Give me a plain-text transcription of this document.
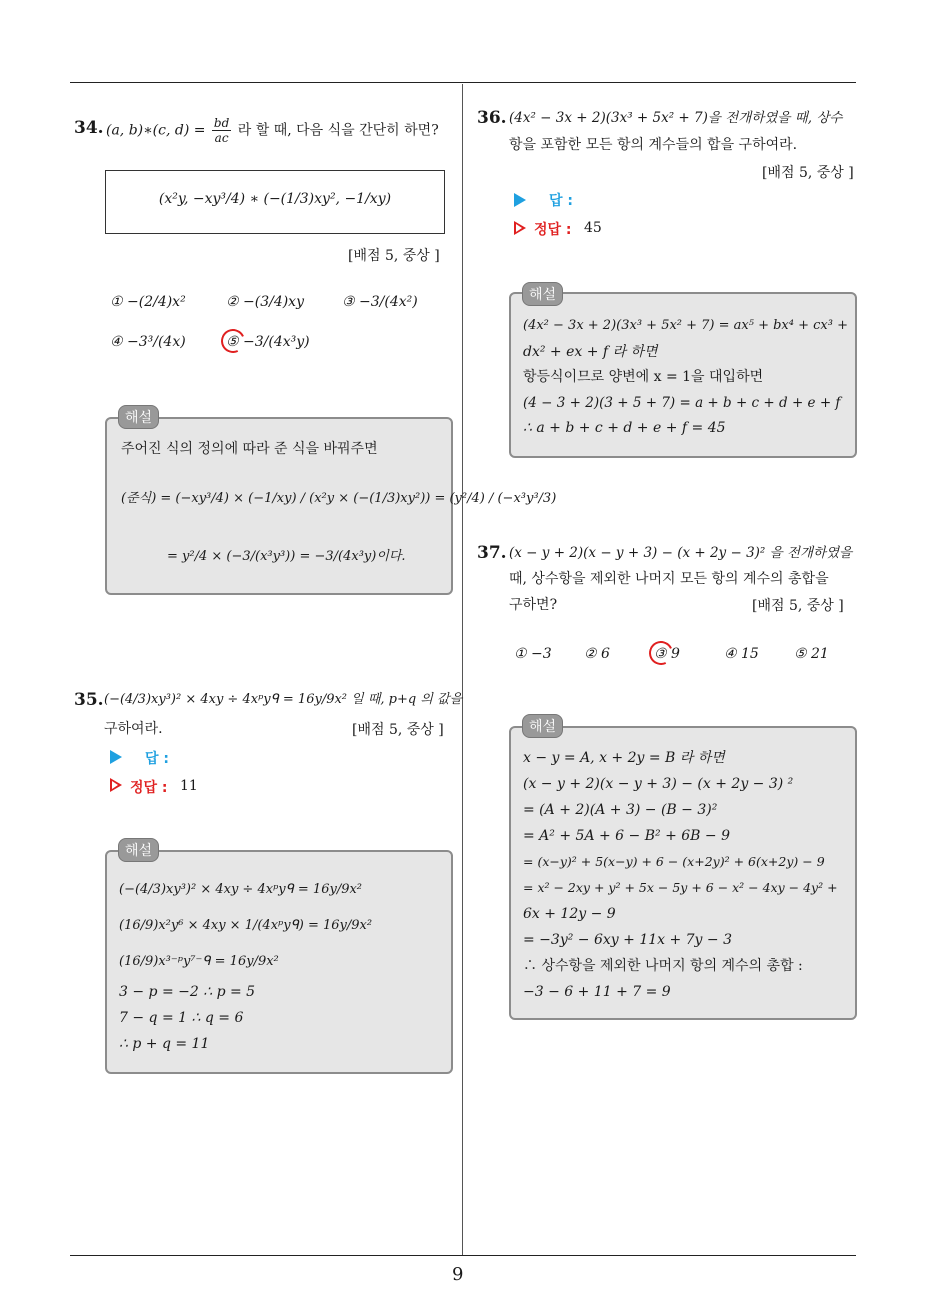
9
34. (a, b)∗(c, $d) = \frac{bd}{ac}$ 라 할 때, 다음 식을 간단히 하면?
(x²y, −xy³/4) ∗ (−(1/3)xy², −1/xy)
[배점 5, 중상 ]
① −(2/4)x²	② −(3/4)xy	③ −3/(4x²)
④ −3³/(4x)	⑤ −3/(4x³y)
주어진 식의 정의에 따라 준 식을 바꿔주면
(준식) = (−xy³/4) × (−1/xy) / (x²y × (−(1/3)xy²)) = (y²/4) / (−x³y³/3)
= y²/4 × (−3/(x³y³)) = −3/(4x³y)이다.
해설
35. (−(4/3)xy³)² × 4xy ÷ 4xᵖyᑫ = 16y/9x² 일 때, p+q 의 값을
구하여라.	[배점 5, 중상 ]
답 :
정답 : 11
(−(4/3)xy³)² × 4xy ÷ 4xᵖyᑫ = 16y/9x²
(16/9)x²y⁶ × 4xy × 1/(4xᵖyᑫ) = 16y/9x²
(16/9)x³⁻ᵖy⁷⁻ᑫ = 16y/9x²
3 − p = −2 ∴ p = 5
7 − q = 1 ∴ q = 6
∴ p + q = 11
해설
36. (4x² − 3x + 2)(3x³ + 5x² + 7)을 전개하였을 때, 상수
항을 포함한 모든 항의 계수들의 합을 구하여라.
[배점 5, 중상 ]
답 :
정답 : 45
(4x² − 3x + 2)(3x³ + 5x² + 7) = ax⁵ + bx⁴ + cx³ +
dx² + ex + f 라 하면
항등식이므로 양변에 x = 1을 대입하면
(4 − 3 + 2)(3 + 5 + 7) = a + b + c + d + e + f
∴ a + b + c + d + e + f = 45
해설
37. (x − y + 2)(x − y + 3) − (x + 2y − 3)² 을 전개하였을
때, 상수항을 제외한 나머지 모든 항의 계수의 총합을
구하면?	[배점 5, 중상 ]
① −3 ② 6	③ 9	④ 15	⑤ 21
x − y = A, x + 2y = B 라 하면
(x − y + 2)(x − y + 3) − (x + 2y − 3) ²
= (A + 2)(A + 3) − (B − 3)²
= A² + 5A + 6 − B² + 6B − 9
= (x−y)² + 5(x−y) + 6 − (x+2y)² + 6(x+2y) − 9
= x² − 2xy + y² + 5x − 5y + 6 − x² − 4xy − 4y² +
6x + 12y − 9
= −3y² − 6xy + 11x + 7y − 3
∴ 상수항을 제외한 나머지 항의 계수의 총합 :
−3 − 6 + 11 + 7 = 9
해설
